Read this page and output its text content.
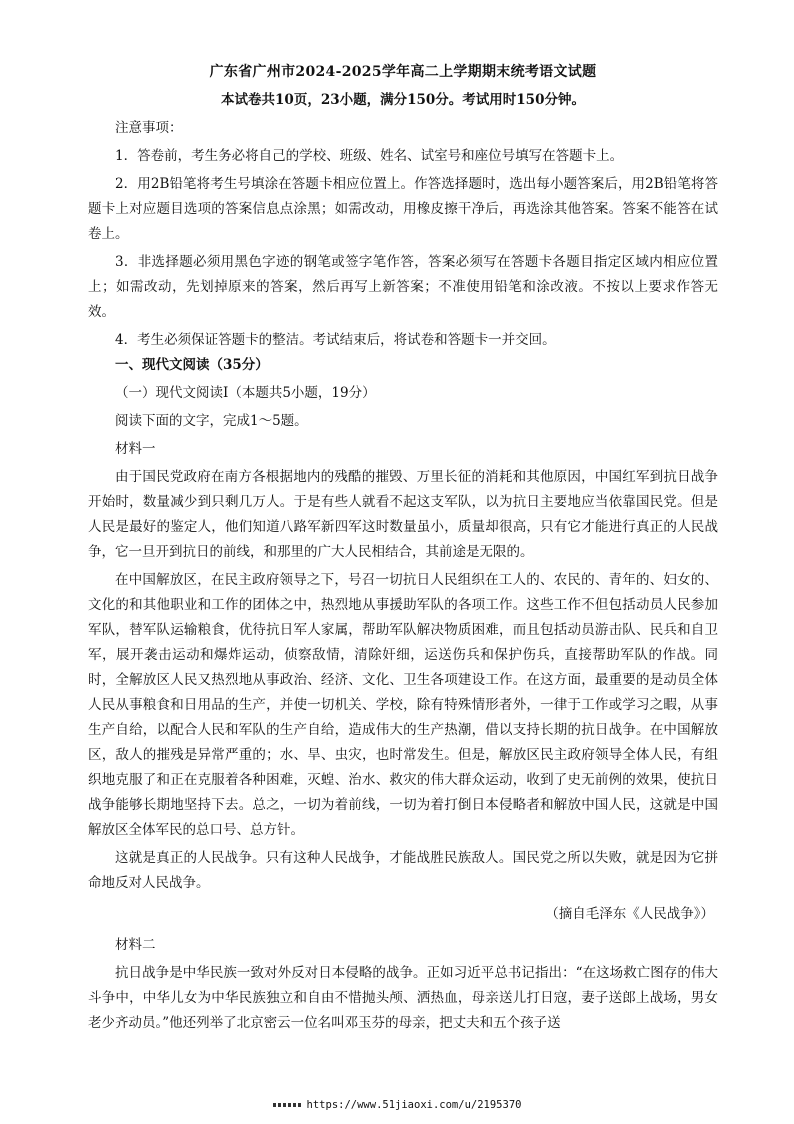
广东省广州市2024-2025学年高二上学期期末统考语文试题
本试卷共10页，23小题，满分150分。考试用时150分钟。

注意事项：

1．答卷前，考生务必将自己的学校、班级、姓名、试室号和座位号填写在答题卡上。

2．用2B铅笔将考生号填涂在答题卡相应位置上。作答选择题时，选出每小题答案后，用2B铅笔将答题卡上对应题目选项的答案信息点涂黑；如需改动，用橡皮擦干净后，再选涂其他答案。答案不能答在试卷上。

3．非选择题必须用黑色字迹的钢笔或签字笔作答，答案必须写在答题卡各题目指定区域内相应位置上；如需改动，先划掉原来的答案，然后再写上新答案；不准使用铅笔和涂改液。不按以上要求作答无效。

4．考生必须保证答题卡的整洁。考试结束后，将试卷和答题卡一并交回。

一、现代文阅读（35分）

（一）现代文阅读Ⅰ（本题共5小题，19分）

阅读下面的文字，完成1～5题。

材料一

由于国民党政府在南方各根据地内的残酷的摧毁、万里长征的消耗和其他原因，中国红军到抗日战争开始时，数量减少到只剩几万人。于是有些人就看不起这支军队，以为抗日主要地应当依靠国民党。但是人民是最好的鉴定人，他们知道八路军新四军这时数量虽小，质量却很高，只有它才能进行真正的人民战争，它一旦开到抗日的前线，和那里的广大人民相结合，其前途是无限的。

在中国解放区，在民主政府领导之下，号召一切抗日人民组织在工人的、农民的、青年的、妇女的、文化的和其他职业和工作的团体之中，热烈地从事援助军队的各项工作。这些工作不但包括动员人民参加军队，替军队运输粮食，优待抗日军人家属，帮助军队解决物质困难，而且包括动员游击队、民兵和自卫军，展开袭击运动和爆炸运动，侦察敌情，清除奸细，运送伤兵和保护伤兵，直接帮助军队的作战。同时，全解放区人民又热烈地从事政治、经济、文化、卫生各项建设工作。在这方面，最重要的是动员全体人民从事粮食和日用品的生产，并使一切机关、学校，除有特殊情形者外，一律于工作或学习之暇，从事生产自给，以配合人民和军队的生产自给，造成伟大的生产热潮，借以支持长期的抗日战争。在中国解放区，敌人的摧残是异常严重的；水、旱、虫灾，也时常发生。但是，解放区民主政府领导全体人民，有组织地克服了和正在克服着各种困难，灭蝗、治水、救灾的伟大群众运动，收到了史无前例的效果，使抗日战争能够长期地坚持下去。总之，一切为着前线，一切为着打倒日本侵略者和解放中国人民，这就是中国解放区全体军民的总口号、总方针。

这就是真正的人民战争。只有这种人民战争，才能战胜民族敌人。国民党之所以失败，就是因为它拼命地反对人民战争。

（摘自毛泽东《人民战争》）

材料二

抗日战争是中华民族一致对外反对日本侵略的战争。正如习近平总书记指出：“在这场救亡图存的伟大斗争中，中华儿女为中华民族独立和自由不惜抛头颅、洒热血，母亲送儿打日寇，妻子送郎上战场，男女老少齐动员。”他还列举了北京密云一位名叫邓玉芬的母亲，把丈夫和五个孩子送

https://www.51jiaoxi.com/u/2195370
